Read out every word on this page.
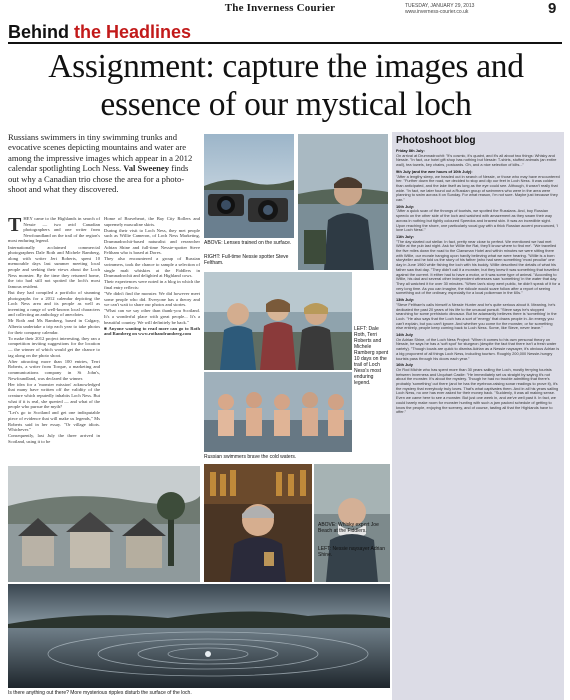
The Inverness Courier	TUESDAY, JANUARY 29, 2013
www.inverness-courier.co.uk	9
Behind the Headlines
Assignment: capture the images and essence of our mystical loch
Russians swimmers in tiny swimming trunks and evocative scenes depicting mountains and water are among the impressive images which appear in a 2012 calendar spotlighting Loch Ness. Val Sweeney finds out why a Canadian trio chose the area for a photo-shoot and what they discovered.

THEY came to the Highlands in search of Nessie — two avid Canadian photographers and one writer from Newfoundland on the trail of the region's most enduring legend.

Internationally acclaimed commercial photographers Dale Roth and Michele Ramberg, along with writer Jeri Roberts, spent 10 memorable days last summer meeting local people and seeking their views about the Loch Ness monster. By the time they returned home, the trio had still not spotted the loch's most famous resident.

But they had compiled a portfolio of stunning photographs for a 2012 calendar depicting the Loch Ness area and its people as well as inventing a range of well-known local characters and collecting an anthology of anecdotes.

Mr Roth and Ms Ramberg, based in Calgary, Alberta undertake a trip each year to take photos for their company calendar.

To make their 2012 project interesting, they ran a competition inviting suggestions for the location — the winner of which would get the chance to tag along on the photo shoot.

After attracting more than 100 entries, Terri Roberts, a writer from Torque, a marketing and communications company in St John's, Newfoundland, was declared the winner.

Her idea for a 'monster mission' acknowledged that many have written off the validity of the creature which reputedly inhabits Loch Ness. But what if it is real, she queried — and what of the people who pursue the myth?

"Let's go to Scotland and get one indisputable piece of evidence that will make us legends," Ms Roberts said in her essay. "Or village idiots. Whichever."

Consequently, last July the three arrived in Scotland, using it to be

Home of Braveheart, the Bay City Rollers and supremely masculine skirts.

During their visit to Loch Ness, they met people such as Willie Cameron, of Loch Ness Marketing, Drumnadrochit-based naturalist and researcher Adrian Shine and full-time Nessie-spotter Steve Feltham who is based at Dores.

They also encountered a group of Russian swimmers, took the chance to sample a selection of single malt whiskies at the Fiddlers in Drumnadrochit and delighted at Highland cows.

Their experiences were noted in a blog in which the final entry reflects:

"We didn't find the monster. We did however meet some people who did. Everyone has a theory and we can't wait to share our photos and stories.

"What can we say other than thank-you Scotland. It's a wonderful place with great people... It's a beautiful country. We will definitely be back."

■ Anyone wanting to read more can go to Roth and Ramberg on www.rothandramberg.com

ABOVE: Lenses trained on the surface.
RIGHT: Full-time Nessie spotter Steve Feltham.
LEFT: Dale Roth, Terri Roberts and Michele Ramberg spent 10 days on the trail of Loch Ness's most enduring legend.
Russian swimmers brave the cold waters.
ABOVE: Whisky expert Joe Beach at the Fiddlers.
LEFT: Nessie naysayer Adrian Shine.
Is there anything out there? More mysterious ripples disturb the surface of the loch.
Photoshoot blog
Friday 8th July:

On arrival at Drumnadrochit: "It's cosmic, it's quaint, and it's all about two things: Whisky and Nessie. "In fact, our hotel gift shop has nothing but Nessie: T-shirts, stuffed animals (an entire wall), tea towels, key chains, postcards. Oh, and a nice selection of kilts..."

9th July (and the wee hours of 10th July):

"After a lengthy sleep, we headed out in search of Nessie, or those who may have encountered her. "Further down the road, we decided to stop and dip our feet in Loch Ness. It was colder than anticipated, and the lake itself as long as the eye could see. Although, it wasn't really that wide. "In fact, we later found out a Russian group of swimmers who were in the area were planning to swim across it on Sunday. For what reason, I'm not sure. Maybe just because they can."

10th July:

"After a quick scan of the throngs of tourists, we spotted the Russians. And, boy Russian speedo on the other side of the loch and watched with amazement as they swam their way across in nothing but tightly coloured Speedos and bravest skin. It was an incredible sight. Upon reaching the shore, one particularly vocal guy with a thick Russian accent pronounced, 'I love Loch Ness'."

11th July:

"The day started out stellar. In fact, pretty near close to perfect. We mentioned we had met Willie at the pub last night. Ask for Willie the Rat, they'll know where to find me'. "We travelled the five miles down the road to the Clansman Hotel and within minutes we were sitting there with Willie, our morale hanging upon hardly believing what we were hearing. "Willie is a born storyteller and he told us the story of his father (who had seen something 'most peculiar' one day in June 1960 while fishing the loch with his buddy. Willie described the details of what his father saw that day. "They didn't call it a monster, but they knew it was something that travelled against the current. It either had to have a motor, or it was some type of animal. "According to Willie, his dad and several other independent witnesses saw 'something' in the water that day. They all watched it for over 30 minutes. "When Ian's story went public, he didn't speak of it for a very long time. As you can imagine, the ridicule would scare follow after a report of seeing something out of the ordinary, especially for a local policeman in the 60s."

13th July:

"Steve Feltham's calls himself a Nessie Hunter and he's quite serious about it. Meaning, he's dedicated the past 20 years of his life to the unusual pursuit. "Steve says he's stopped searching for some prehistoric dinosaur. But he adamantly believes there is 'something' in the Loch. "He also says that the Loch has a sort of 'energy' that draws people in. An energy you can't explain, but you can't ignore. And whether you come for the monster, or for something else entirely, people keep coming back to Loch Ness. Some, like Steve, never leave."

14th July

On Adrian Shine, of the Loch Ness Project: "When it comes to his own personal theory on Nessie, he says he has a 'soft spot' for sturgeon (despite the fact that there isn't a fresh water variety). "Though locals are quick to dismiss Adrian as a Nessie naysayer, it's obvious Adrian is a big proponent of all things Loch Ness, including tourism. Roughly 200,000 Nessie-hungry tourists pass through his doors each year."

16th July

On Rod Michie who has spent more than 30 years sailing the Loch, mostly ferrying tourists between Inverness and Urquhart Castle: "He immediately set us straight by saying it's not about the monster. It's about the mystery. Though he had no trouble admitting that there's probably 'something' out there (and he has the eyebrow-raising sonar readings to prove it), it's the mystery that everybody truly loves. That's what captivates them. And in all his years sailing Loch Ness, no one has ever asked for their money back. "Suddenly, it was all making sense. Even we came here to see a monster. But just one week in, and we've well past it. In fact, we could barely make room for monster hunting with such a jam packed schedule of getting to know the people, enjoying the scenery, and of course, tasting all that the Highlands have to offer."
